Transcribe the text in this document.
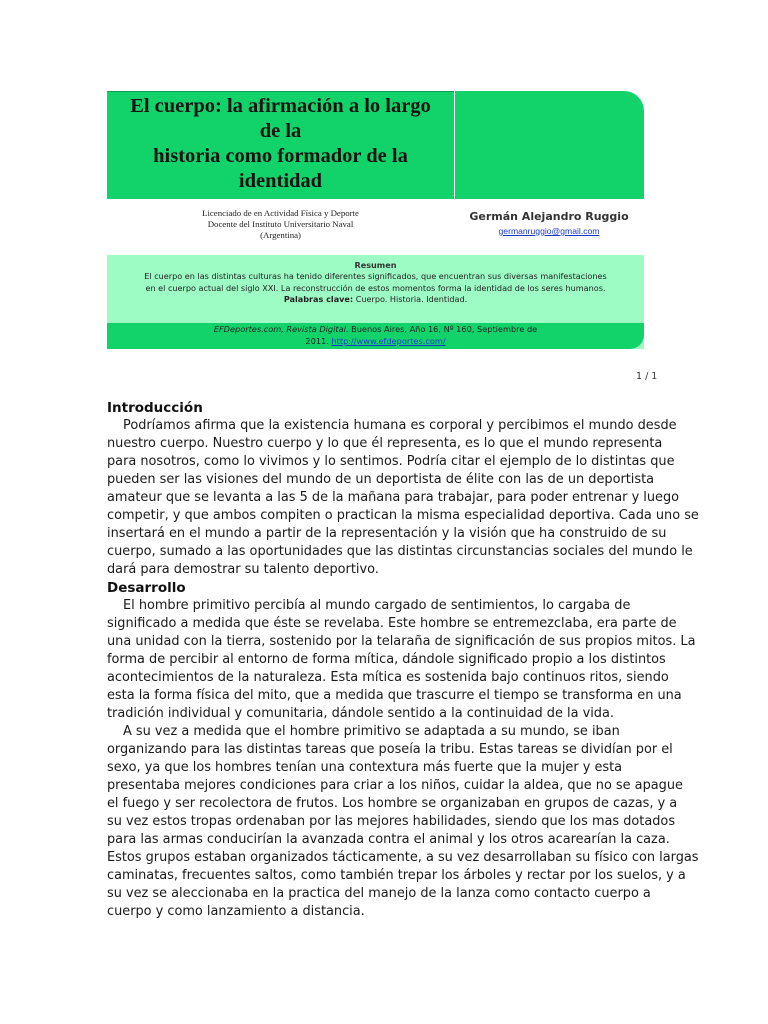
El cuerpo: la afirmación a lo largo
de la
historia como formador de la
identidad
Licenciado de en Actividad Física y Deporte
Docente del Instituto Universitario Naval
(Argentina)
Germán Alejandro Ruggio
germanruggio@gmail.com
Resumen
El cuerpo en las distintas culturas ha tenido diferentes significados, que encuentran sus diversas manifestaciones
en el cuerpo actual del siglo XXI. La reconstrucción de estos momentos forma la identidad de los seres humanos.
Palabras clave: Cuerpo. Historia. Identidad.
EFDeportes.com, Revista Digital. Buenos Aires, Año 16, Nº 160, Septiembre de
2011. http://www.efdeportes.com/
1 / 1
Introducción

Podríamos afirma que la existencia humana es corporal y percibimos el mundo desde
nuestro cuerpo. Nuestro cuerpo y lo que él representa, es lo que el mundo representa
para nosotros, como lo vivimos y lo sentimos. Podría citar el ejemplo de lo distintas que
pueden ser las visiones del mundo de un deportista de élite con las de un deportista
amateur que se levanta a las 5 de la mañana para trabajar, para poder entrenar y luego
competir, y que ambos compiten o practican la misma especialidad deportiva. Cada uno se
insertará en el mundo a partir de la representación y la visión que ha construido de su
cuerpo, sumado a las oportunidades que las distintas circunstancias sociales del mundo le
dará para demostrar su talento deportivo.

Desarrollo

El hombre primitivo percibía al mundo cargado de sentimientos, lo cargaba de
significado a medida que éste se revelaba. Este hombre se entremezclaba, era parte de
una unidad con la tierra, sostenido por la telaraña de significación de sus propios mitos. La
forma de percibir al entorno de forma mítica, dándole significado propio a los distintos
acontecimientos de la naturaleza. Esta mítica es sostenida bajo continuos ritos, siendo
esta la forma física del mito, que a medida que trascurre el tiempo se transforma en una
tradición individual y comunitaria, dándole sentido a la continuidad de la vida.

A su vez a medida que el hombre primitivo se adaptada a su mundo, se iban
organizando para las distintas tareas que poseía la tribu. Estas tareas se dividían por el
sexo, ya que los hombres tenían una contextura más fuerte que la mujer y esta
presentaba mejores condiciones para criar a los niños, cuidar la aldea, que no se apague
el fuego y ser recolectora de frutos. Los hombre se organizaban en grupos de cazas, y a
su vez estos tropas ordenaban por las mejores habilidades, siendo que los mas dotados
para las armas conducirían la avanzada contra el animal y los otros acarearían la caza.
Estos grupos estaban organizados tácticamente, a su vez desarrollaban su físico con largas
caminatas, frecuentes saltos, como también trepar los árboles y rectar por los suelos, y a
su vez se aleccionaba en la practica del manejo de la lanza como contacto cuerpo a
cuerpo y como lanzamiento a distancia.
